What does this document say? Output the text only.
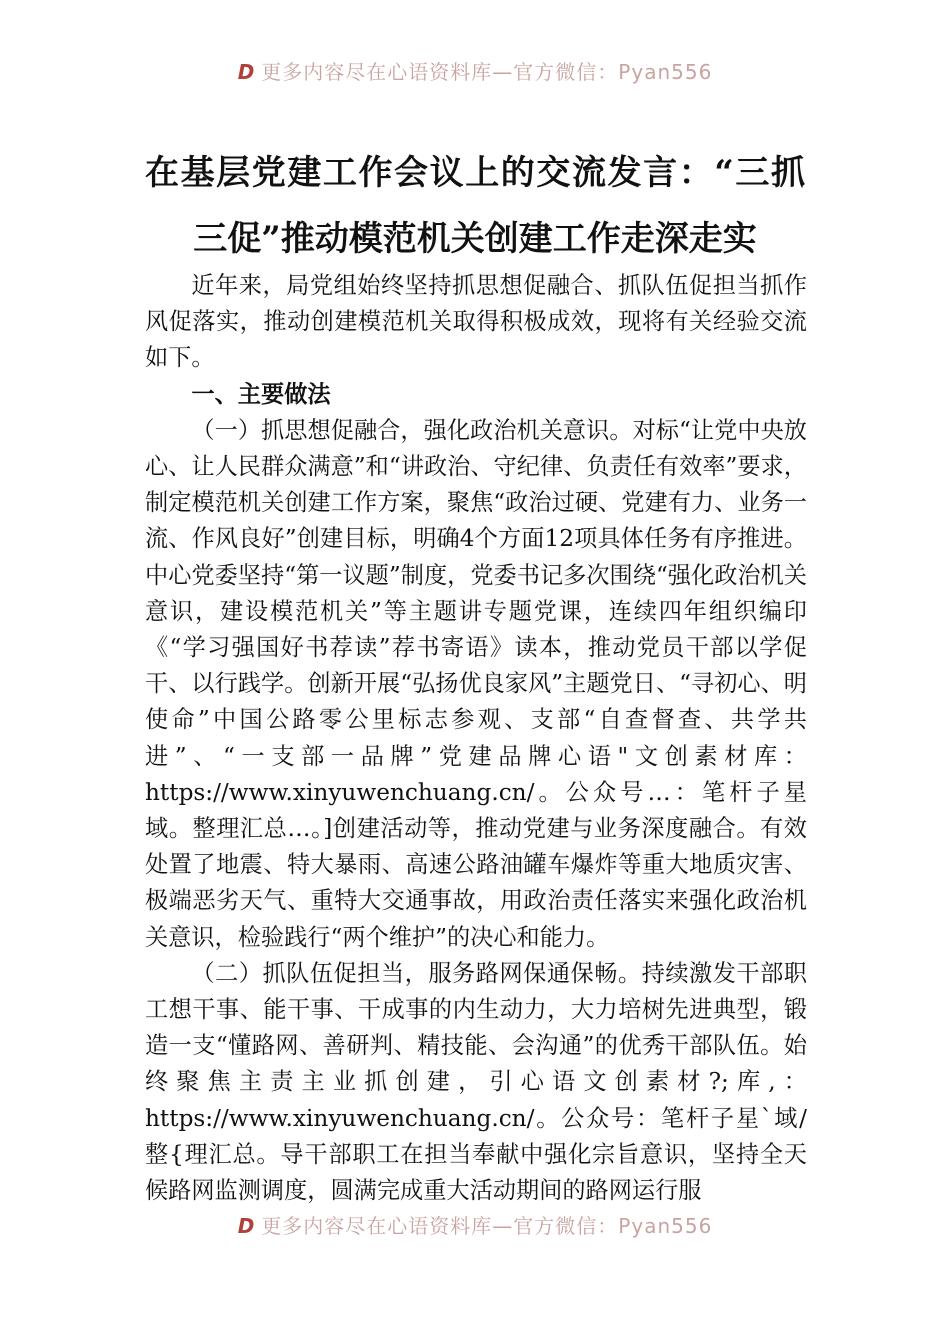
D 更多内容尽在心语资料库—官方微信：Pyan556
在基层党建工作会议上的交流发言：“三抓三促”推动模范机关创建工作走深走实

近年来，局党组始终坚持抓思想促融合、抓队伍促担当抓作风促落实，推动创建模范机关取得积极成效，现将有关经验交流如下。

一、主要做法

（一）抓思想促融合，强化政治机关意识。对标“让党中央放心、让人民群众满意”和“讲政治、守纪律、负责任有效率”要求，制定模范机关创建工作方案，聚焦“政治过硬、党建有力、业务一流、作风良好”创建目标，明确4个方面12项具体任务有序推进。中心党委坚持“第一议题”制度，党委书记多次围绕“强化政治机关意识，建设模范机关”等主题讲专题党课，连续四年组织编印《“学习强国好书荐读”荐书寄语》读本，推动党员干部以学促干、以行践学。创新开展“弘扬优良家风”主题党日、“寻初心、明使命”中国公路零公里标志参观、支部“自查督查、共学共进”、“一支部一品牌”党建品牌心语"文创素材库：https://www.xinyuwenchuang.cn/。公众号…：笔杆子星域。整理汇总…。]创建活动等，推动党建与业务深度融合。有效处置了地震、特大暴雨、高速公路油罐车爆炸等重大地质灾害、极端恶劣天气、重特大交通事故，用政治责任落实来强化政治机关意识，检验践行“两个维护”的决心和能力。

（二）抓队伍促担当，服务路网保通保畅。持续激发干部职工想干事、能干事、干成事的内生动力，大力培树先进典型，锻造一支“懂路网、善研判、精技能、会沟通”的优秀干部队伍。始终聚焦主责主业抓创建，引心语文创素材?;库,：https://www.xinyuwenchuang.cn/。公众号：笔杆子星`域/整{理汇总。导干部职工在担当奉献中强化宗旨意识，坚持全天候路网监测调度，圆满完成重大活动期间的路网运行服

D 更多内容尽在心语资料库—官方微信：Pyan556
